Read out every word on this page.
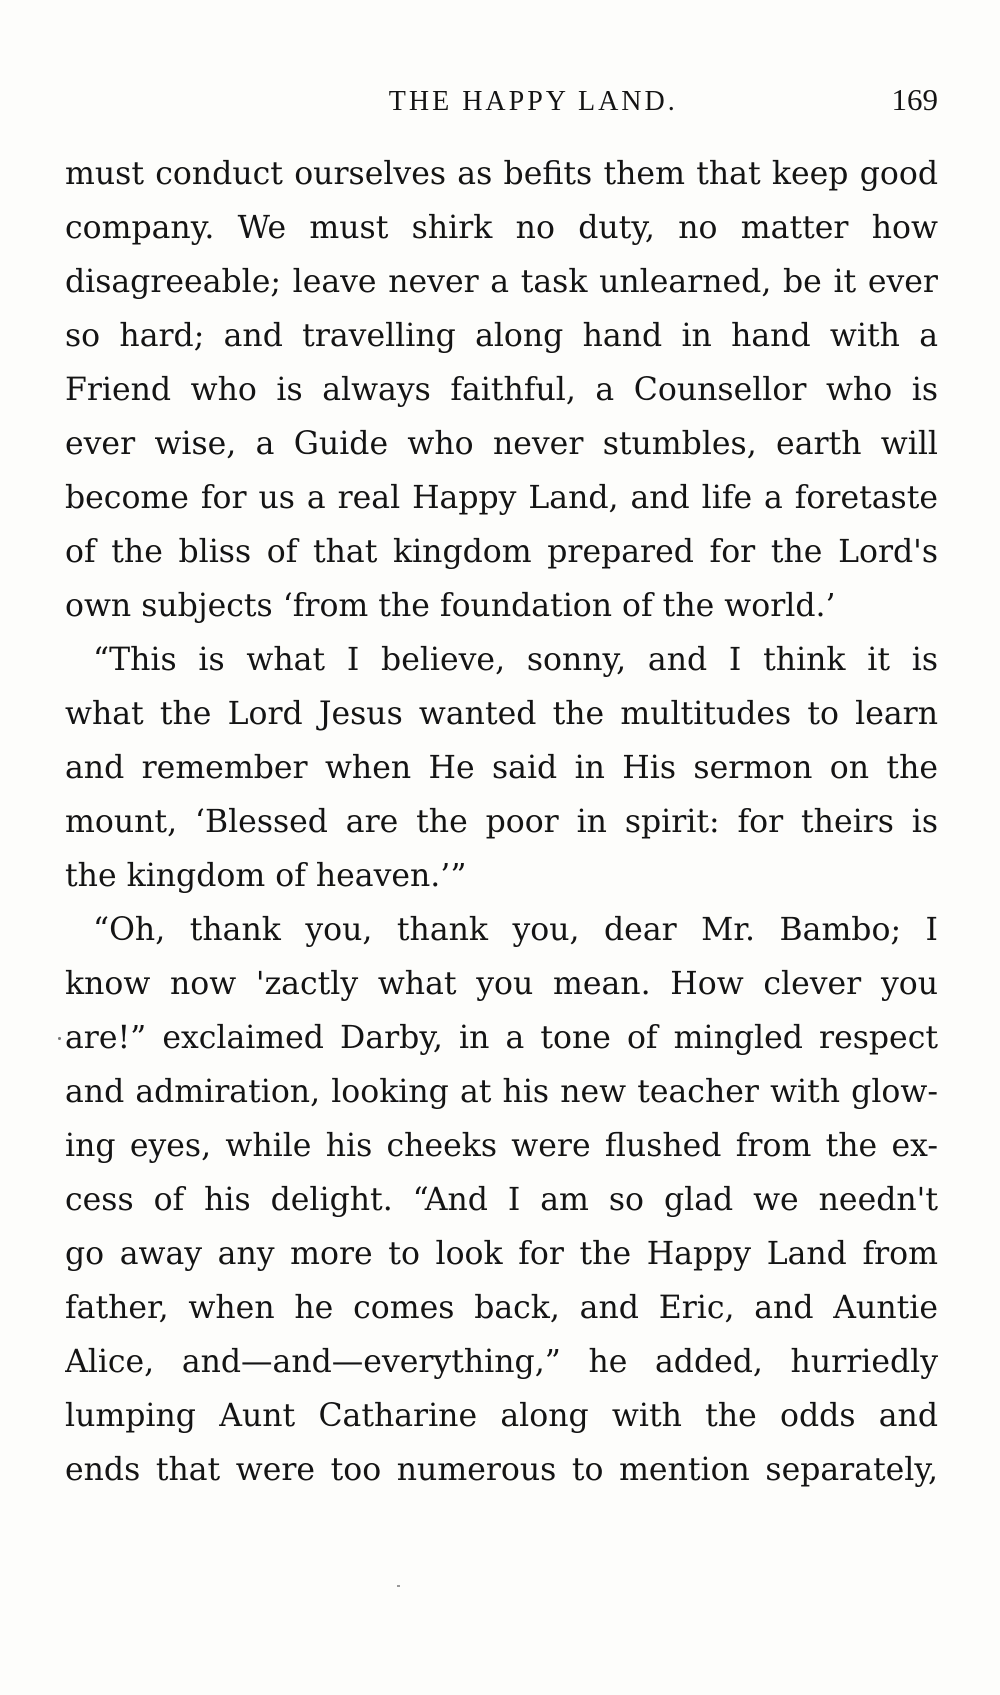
THE HAPPY LAND.	169
must conduct ourselves as befits them that keep good
company. We must shirk no duty, no matter how
disagreeable; leave never a task unlearned, be it ever
so hard; and travelling along hand in hand with a
Friend who is always faithful, a Counsellor who is
ever wise, a Guide who never stumbles, earth will
become for us a real Happy Land, and life a foretaste
of the bliss of that kingdom prepared for the Lord's
own subjects ‘from the foundation of the world.’
“This is what I believe, sonny, and I think it is
what the Lord Jesus wanted the multitudes to learn
and remember when He said in His sermon on the
mount, ‘Blessed are the poor in spirit: for theirs is
the kingdom of heaven.’”
“Oh, thank you, thank you, dear Mr. Bambo; I
know now 'zactly what you mean. How clever you
are!” exclaimed Darby, in a tone of mingled respect
and admiration, looking at his new teacher with glow-
ing eyes, while his cheeks were flushed from the ex-
cess of his delight. “And I am so glad we needn't
go away any more to look for the Happy Land from
father, when he comes back, and Eric, and Auntie
Alice, and—and—everything,” he added, hurriedly
lumping Aunt Catharine along with the odds and
ends that were too numerous to mention separately,
